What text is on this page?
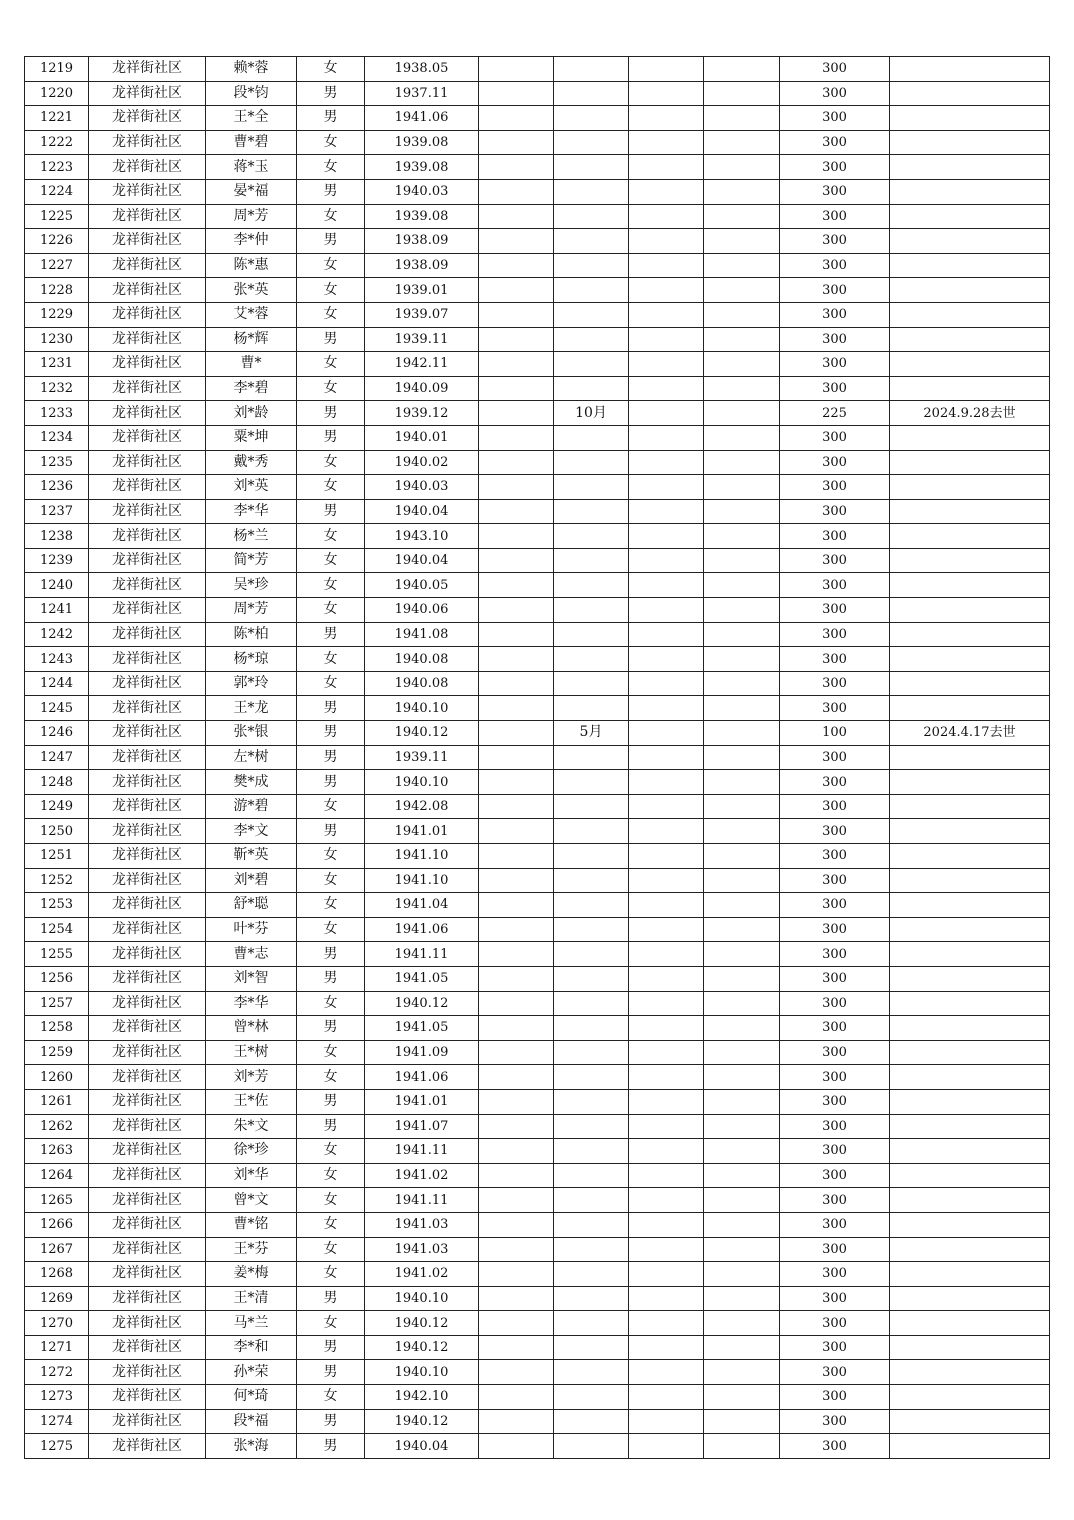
1219	龙祥街社区	赖*蓉	女	1938.05					300	
1220	龙祥街社区	段*钧	男	1937.11					300	
1221	龙祥街社区	王*全	男	1941.06					300	
1222	龙祥街社区	曹*碧	女	1939.08					300	
1223	龙祥街社区	蒋*玉	女	1939.08					300	
1224	龙祥街社区	晏*福	男	1940.03					300	
1225	龙祥街社区	周*芳	女	1939.08					300	
1226	龙祥街社区	李*仲	男	1938.09					300	
1227	龙祥街社区	陈*惠	女	1938.09					300	
1228	龙祥街社区	张*英	女	1939.01					300	
1229	龙祥街社区	艾*蓉	女	1939.07					300	
1230	龙祥街社区	杨*辉	男	1939.11					300	
1231	龙祥街社区	曹*	女	1942.11					300	
1232	龙祥街社区	李*碧	女	1940.09					300	
1233	龙祥街社区	刘*龄	男	1939.12		10月			225	2024.9.28去世
1234	龙祥街社区	粟*坤	男	1940.01					300	
1235	龙祥街社区	戴*秀	女	1940.02					300	
1236	龙祥街社区	刘*英	女	1940.03					300	
1237	龙祥街社区	李*华	男	1940.04					300	
1238	龙祥街社区	杨*兰	女	1943.10					300	
1239	龙祥街社区	简*芳	女	1940.04					300	
1240	龙祥街社区	吴*珍	女	1940.05					300	
1241	龙祥街社区	周*芳	女	1940.06					300	
1242	龙祥街社区	陈*柏	男	1941.08					300	
1243	龙祥街社区	杨*琼	女	1940.08					300	
1244	龙祥街社区	郭*玲	女	1940.08					300	
1245	龙祥街社区	王*龙	男	1940.10					300	
1246	龙祥街社区	张*银	男	1940.12		5月			100	2024.4.17去世
1247	龙祥街社区	左*树	男	1939.11					300	
1248	龙祥街社区	樊*成	男	1940.10					300	
1249	龙祥街社区	游*碧	女	1942.08					300	
1250	龙祥街社区	李*文	男	1941.01					300	
1251	龙祥街社区	靳*英	女	1941.10					300	
1252	龙祥街社区	刘*碧	女	1941.10					300	
1253	龙祥街社区	舒*聪	女	1941.04					300	
1254	龙祥街社区	叶*芬	女	1941.06					300	
1255	龙祥街社区	曹*志	男	1941.11					300	
1256	龙祥街社区	刘*智	男	1941.05					300	
1257	龙祥街社区	李*华	女	1940.12					300	
1258	龙祥街社区	曾*林	男	1941.05					300	
1259	龙祥街社区	王*树	女	1941.09					300	
1260	龙祥街社区	刘*芳	女	1941.06					300	
1261	龙祥街社区	王*佐	男	1941.01					300	
1262	龙祥街社区	朱*文	男	1941.07					300	
1263	龙祥街社区	徐*珍	女	1941.11					300	
1264	龙祥街社区	刘*华	女	1941.02					300	
1265	龙祥街社区	曾*文	女	1941.11					300	
1266	龙祥街社区	曹*铭	女	1941.03					300	
1267	龙祥街社区	王*芬	女	1941.03					300	
1268	龙祥街社区	姜*梅	女	1941.02					300	
1269	龙祥街社区	王*清	男	1940.10					300	
1270	龙祥街社区	马*兰	女	1940.12					300	
1271	龙祥街社区	李*和	男	1940.12					300	
1272	龙祥街社区	孙*荣	男	1940.10					300	
1273	龙祥街社区	何*琦	女	1942.10					300	
1274	龙祥街社区	段*福	男	1940.12					300	
1275	龙祥街社区	张*海	男	1940.04					300	
